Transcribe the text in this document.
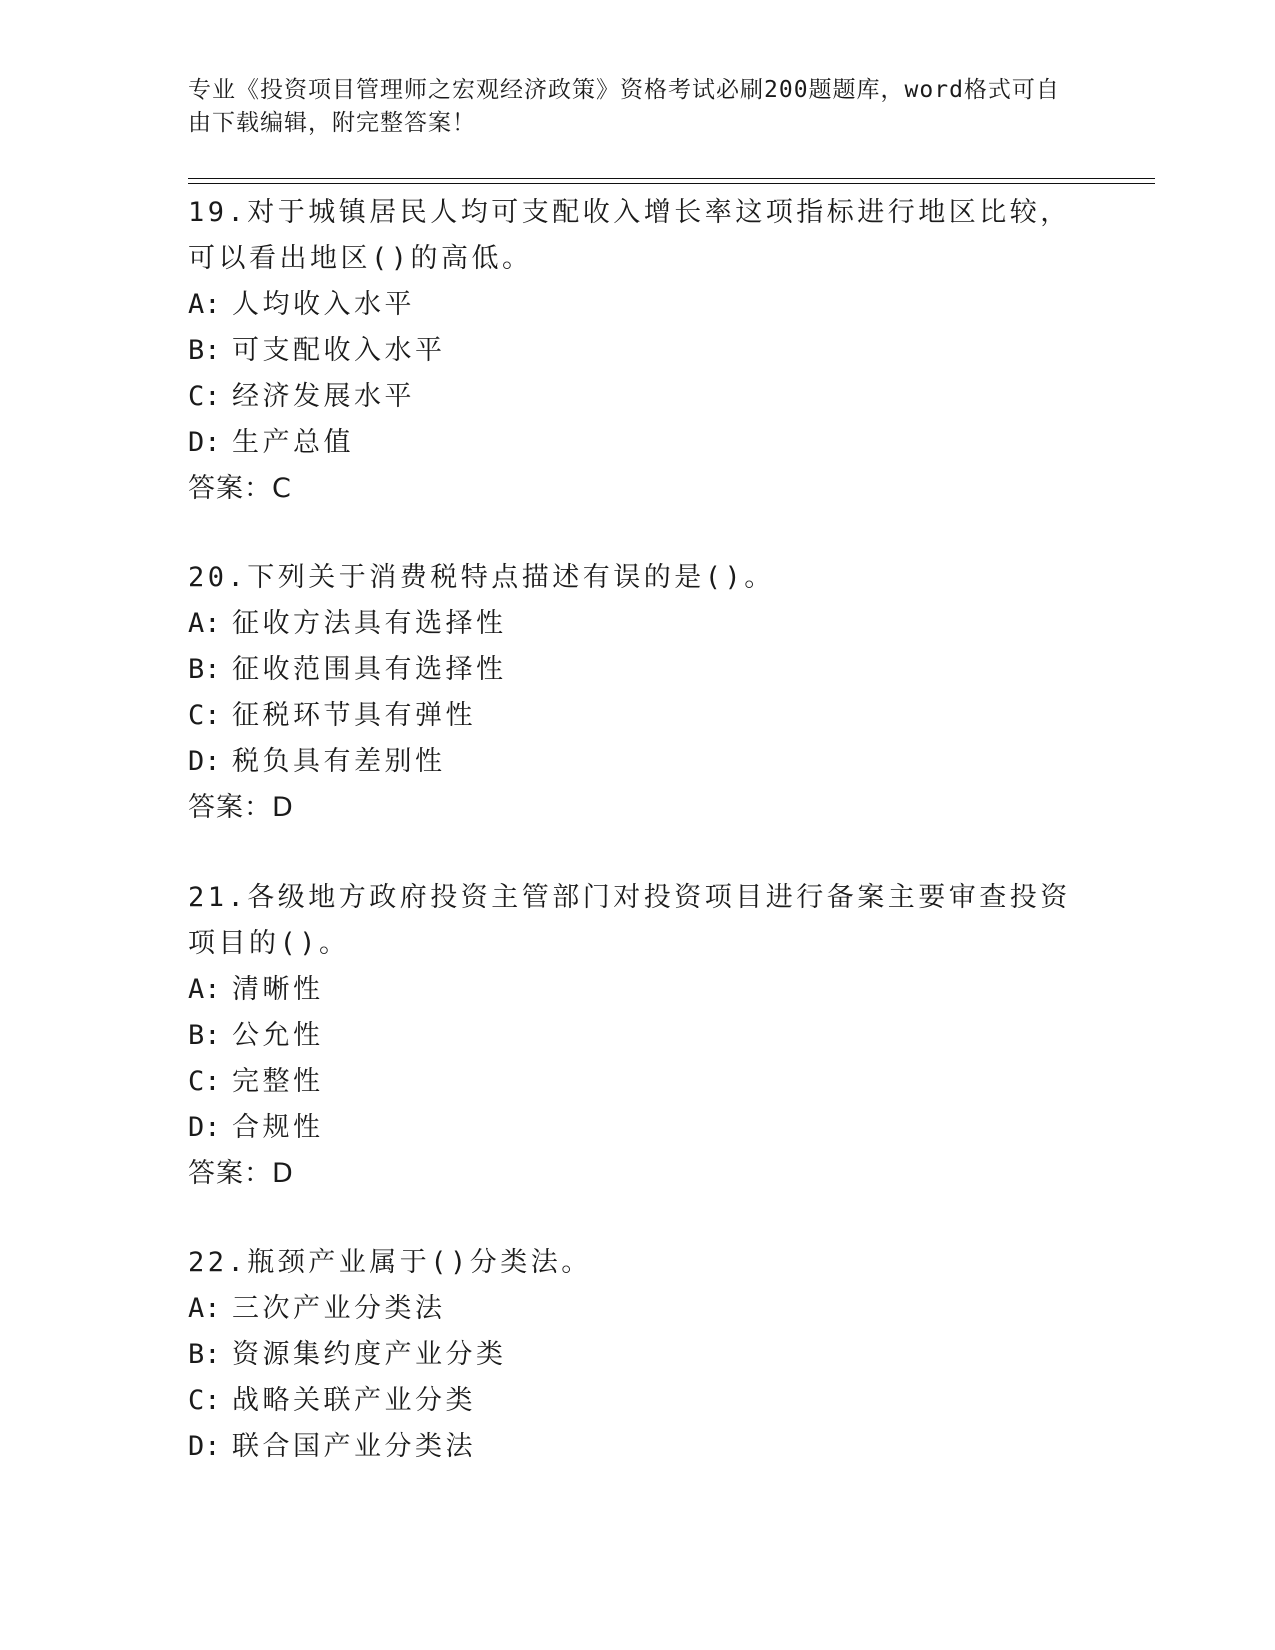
专业《投资项目管理师之宏观经济政策》资格考试必刷200题题库，word格式可自由下载编辑，附完整答案！
19.对于城镇居民人均可支配收入增长率这项指标进行地区比较，可以看出地区()的高低。
A: 人均收入水平
B: 可支配收入水平
C: 经济发展水平
D: 生产总值
答案：C
20.下列关于消费税特点描述有误的是()。
A: 征收方法具有选择性
B: 征收范围具有选择性
C: 征税环节具有弹性
D: 税负具有差别性
答案：D
21.各级地方政府投资主管部门对投资项目进行备案主要审查投资项目的()。
A: 清晰性
B: 公允性
C: 完整性
D: 合规性
答案：D
22.瓶颈产业属于()分类法。
A: 三次产业分类法
B: 资源集约度产业分类
C: 战略关联产业分类
D: 联合国产业分类法
